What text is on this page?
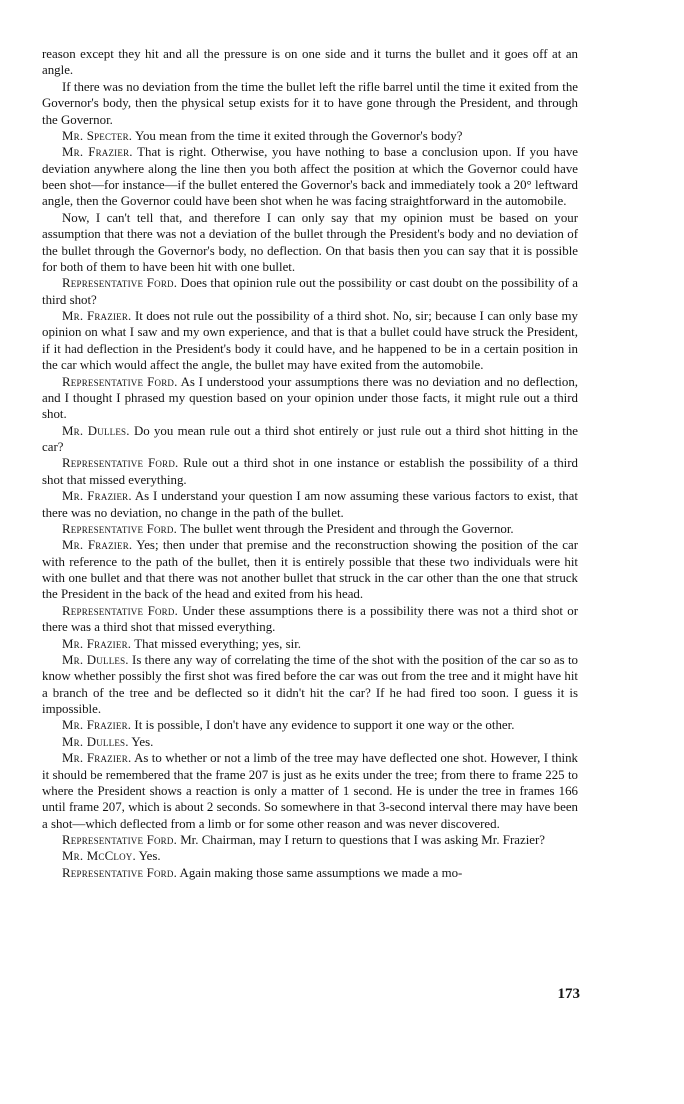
reason except they hit and all the pressure is on one side and it turns the bullet and it goes off at an angle.

If there was no deviation from the time the bullet left the rifle barrel until the time it exited from the Governor's body, then the physical setup exists for it to have gone through the President, and through the Governor.

Mr. Specter. You mean from the time it exited through the Governor's body?

Mr. Frazier. That is right. Otherwise, you have nothing to base a conclusion upon. If you have deviation anywhere along the line then you both affect the position at which the Governor could have been shot—for instance—if the bullet entered the Governor's back and immediately took a 20° leftward angle, then the Governor could have been shot when he was facing straightforward in the automobile.

Now, I can't tell that, and therefore I can only say that my opinion must be based on your assumption that there was not a deviation of the bullet through the President's body and no deviation of the bullet through the Governor's body, no deflection. On that basis then you can say that it is possible for both of them to have been hit with one bullet.

Representative Ford. Does that opinion rule out the possibility or cast doubt on the possibility of a third shot?

Mr. Frazier. It does not rule out the possibility of a third shot. No, sir; because I can only base my opinion on what I saw and my own experience, and that is that a bullet could have struck the President, if it had deflection in the President's body it could have, and he happened to be in a certain position in the car which would affect the angle, the bullet may have exited from the automobile.

Representative Ford. As I understood your assumptions there was no deviation and no deflection, and I thought I phrased my question based on your opinion under those facts, it might rule out a third shot.

Mr. Dulles. Do you mean rule out a third shot entirely or just rule out a third shot hitting in the car?

Representative Ford. Rule out a third shot in one instance or establish the possibility of a third shot that missed everything.

Mr. Frazier. As I understand your question I am now assuming these various factors to exist, that there was no deviation, no change in the path of the bullet.

Representative Ford. The bullet went through the President and through the Governor.

Mr. Frazier. Yes; then under that premise and the reconstruction showing the position of the car with reference to the path of the bullet, then it is entirely possible that these two individuals were hit with one bullet and that there was not another bullet that struck in the car other than the one that struck the President in the back of the head and exited from his head.

Representative Ford. Under these assumptions there is a possibility there was not a third shot or there was a third shot that missed everything.

Mr. Frazier. That missed everything; yes, sir.

Mr. Dulles. Is there any way of correlating the time of the shot with the position of the car so as to know whether possibly the first shot was fired before the car was out from the tree and it might have hit a branch of the tree and be deflected so it didn't hit the car? If he had fired too soon. I guess it is impossible.

Mr. Frazier. It is possible, I don't have any evidence to support it one way or the other.

Mr. Dulles. Yes.

Mr. Frazier. As to whether or not a limb of the tree may have deflected one shot. However, I think it should be remembered that the frame 207 is just as he exits under the tree; from there to frame 225 to where the President shows a reaction is only a matter of 1 second. He is under the tree in frames 166 until frame 207, which is about 2 seconds. So somewhere in that 3-second interval there may have been a shot—which deflected from a limb or for some other reason and was never discovered.

Representative Ford. Mr. Chairman, may I return to questions that I was asking Mr. Frazier?

Mr. McCloy. Yes.

Representative Ford. Again making those same assumptions we made a mo-

173
